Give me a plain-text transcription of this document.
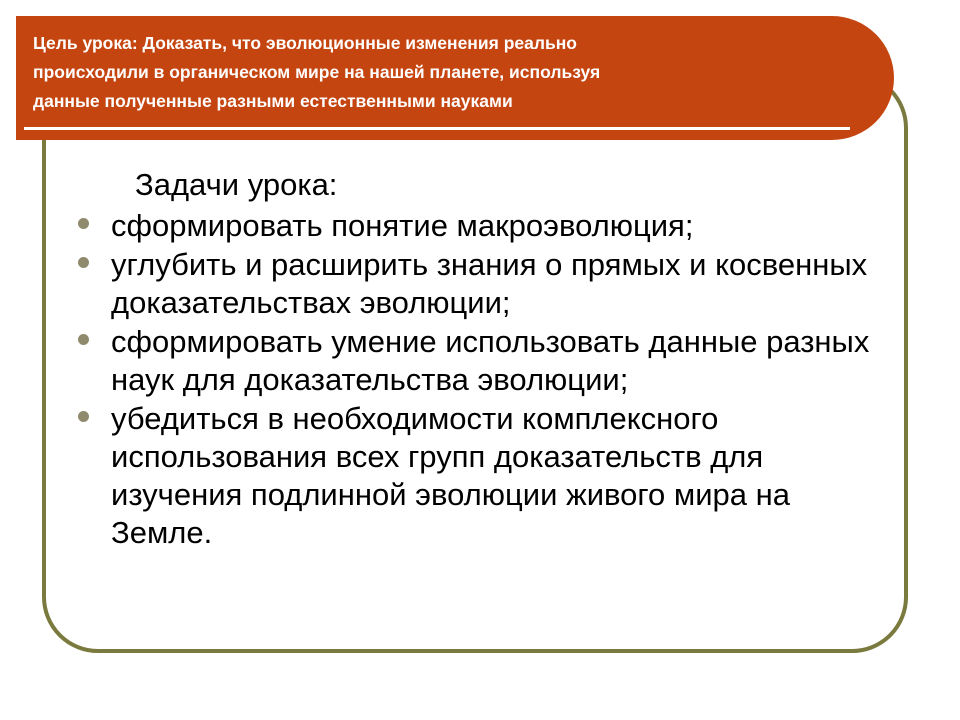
Цель урока: Доказать, что эволюционные изменения реально
происходили в органическом мире на нашей планете, используя
данные полученные разными естественными науками

Задачи урока:
сформировать понятие макроэволюция;
углубить и расширить знания о прямых и косвенных доказательствах эволюции;
сформировать умение использовать данные разных наук для доказательства эволюции;
убедиться в необходимости комплексного использования всех групп доказательств для изучения подлинной эволюции живого мира на Земле.
